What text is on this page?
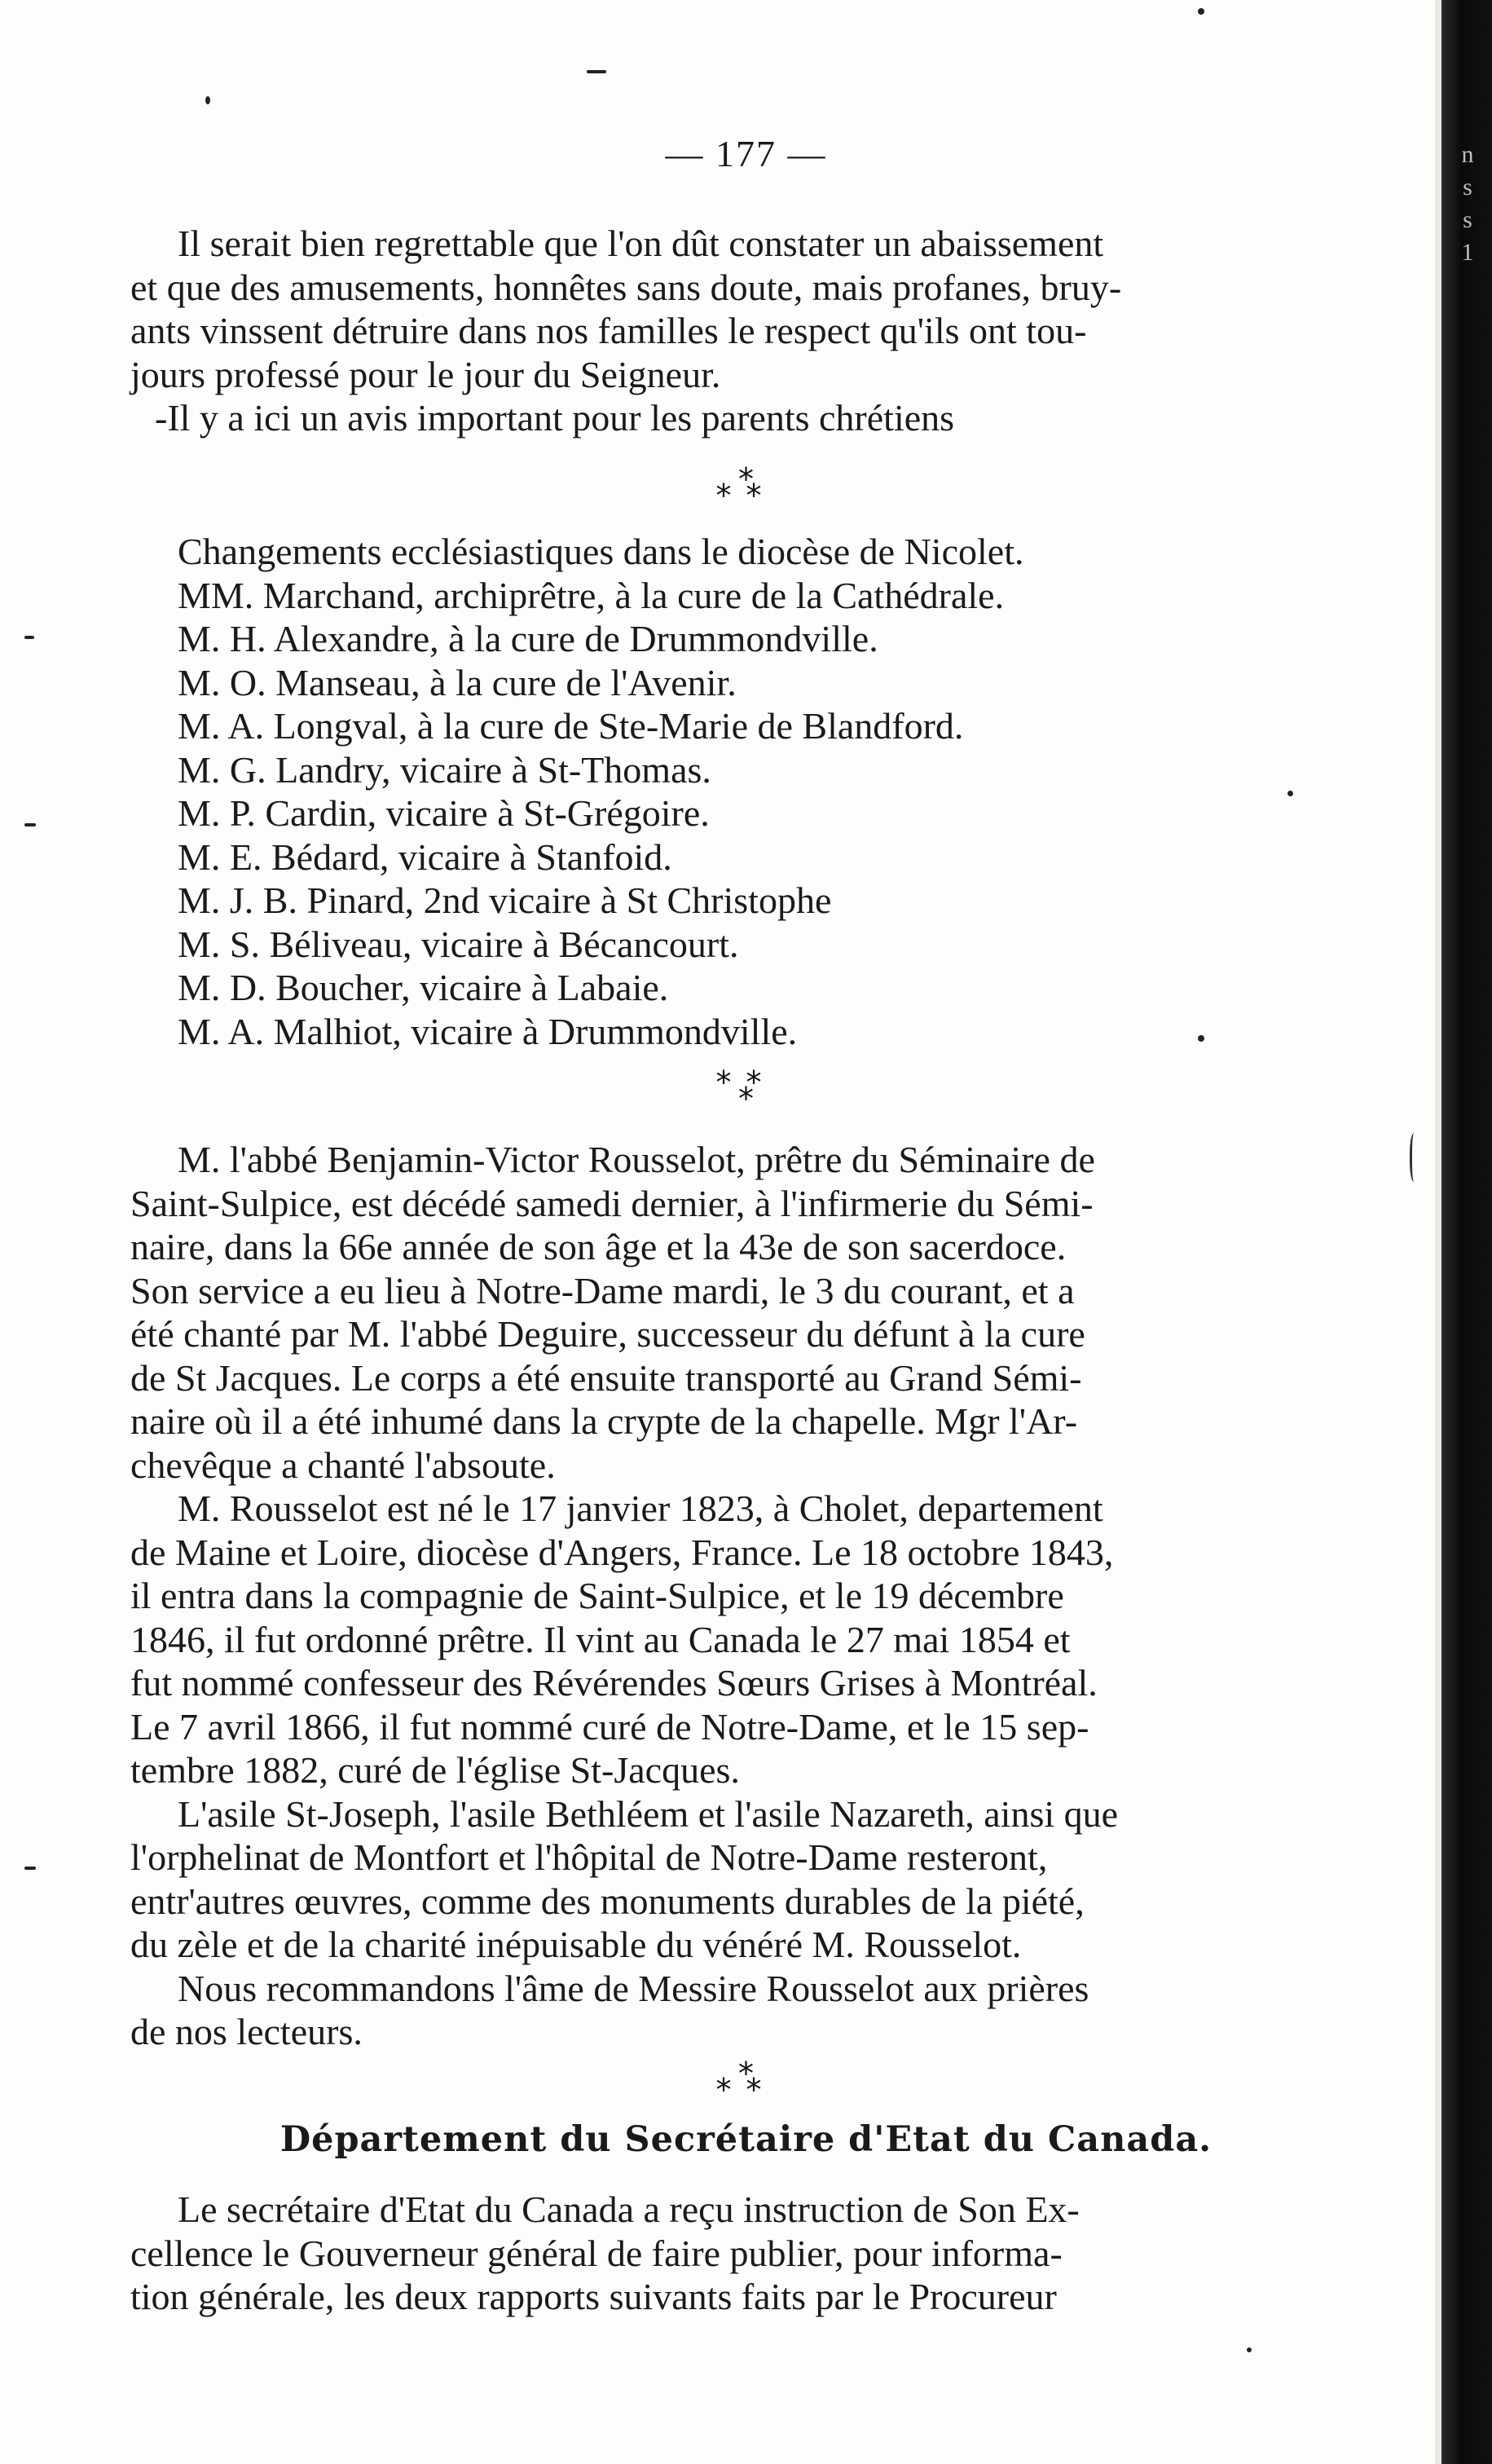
n
s
s
1
— 177 —
Il serait bien regrettable que l'on dût constater un abaissement
et que des amusements, honnêtes sans doute, mais profanes, bruy-
ants vinssent détruire dans nos familles le respect qu'ils ont tou-
jours professé pour le jour du Seigneur.
-Il y a ici un avis important pour les parents chrétiens
*
**
Changements ecclésiastiques dans le diocèse de Nicolet.
MM. Marchand, archiprêtre, à la cure de la Cathédrale.
M. H. Alexandre, à la cure de Drummondville.
M. O. Manseau, à la cure de l'Avenir.
M. A. Longval, à la cure de Ste-Marie de Blandford.
M. G. Landry, vicaire à St-Thomas.
M. P. Cardin, vicaire à St-Grégoire.
M. E. Bédard, vicaire à Stanfoid.
M. J. B. Pinard, 2nd vicaire à St Christophe
M. S. Béliveau, vicaire à Bécancourt.
M. D. Boucher, vicaire à Labaie.
M. A. Malhiot, vicaire à Drummondville.
**
*
M. l'abbé Benjamin-Victor Rousselot, prêtre du Séminaire de
Saint-Sulpice, est décédé samedi dernier, à l'infirmerie du Sémi-
naire, dans la 66e année de son âge et la 43e de son sacerdoce.
Son service a eu lieu à Notre-Dame mardi, le 3 du courant, et a
été chanté par M. l'abbé Deguire, successeur du défunt à la cure
de St Jacques. Le corps a été ensuite transporté au Grand Sémi-
naire où il a été inhumé dans la crypte de la chapelle. Mgr l'Ar-
chevêque a chanté l'absoute.
M. Rousselot est né le 17 janvier 1823, à Cholet, departement
de Maine et Loire, diocèse d'Angers, France. Le 18 octobre 1843,
il entra dans la compagnie de Saint-Sulpice, et le 19 décembre
1846, il fut ordonné prêtre. Il vint au Canada le 27 mai 1854 et
fut nommé confesseur des Révérendes Sœurs Grises à Montréal.
Le 7 avril 1866, il fut nommé curé de Notre-Dame, et le 15 sep-
tembre 1882, curé de l'église St-Jacques.
L'asile St-Joseph, l'asile Bethléem et l'asile Nazareth, ainsi que
l'orphelinat de Montfort et l'hôpital de Notre-Dame resteront,
entr'autres œuvres, comme des monuments durables de la piété,
du zèle et de la charité inépuisable du vénéré M. Rousselot.
Nous recommandons l'âme de Messire Rousselot aux prières
de nos lecteurs.
*
**
Département du Secrétaire d'Etat du Canada.
Le secrétaire d'Etat du Canada a reçu instruction de Son Ex-
cellence le Gouverneur général de faire publier, pour informa-
tion générale, les deux rapports suivants faits par le Procureur
